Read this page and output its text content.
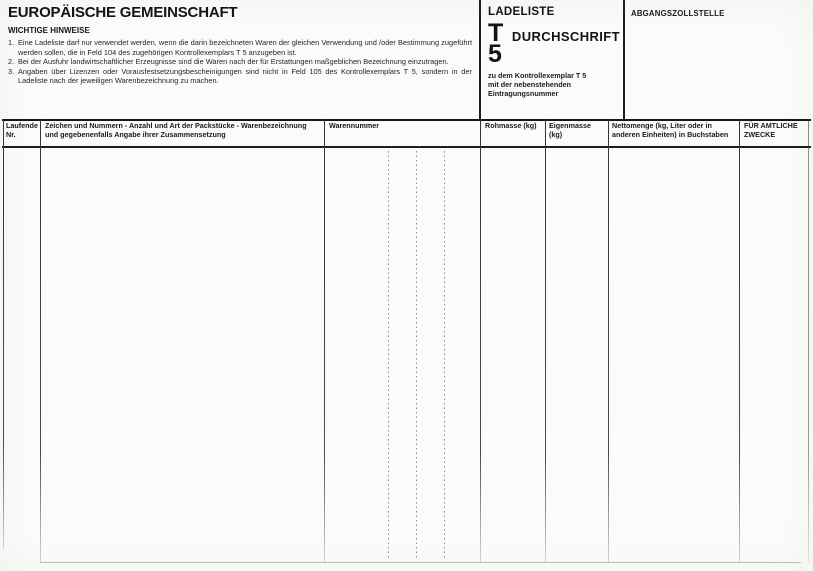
EUROPÄISCHE GEMEINSCHAFT
WICHTIGE HINWEISE
1. Eine Ladeliste darf nur verwendet werden, wenn die darin bezeichneten Waren der gleichen Verwendung und /oder Bestimmung zugeführt werden sollen, die in Feld 104 des zugehörigen Kontrollexemplars T 5 anzugeben ist.
2. Bei der Ausfuhr landwirtschaftlicher Erzeugnisse sind die Waren nach der für Erstattungen maßgeblichen Bezeichnung einzutragen.
3. Angaben über Lizenzen oder Vorausfestsetzungsbescheinigungen sind nicht in Feld 105 des Kontrollexemplars T 5, sondern in der Ladeliste nach der jeweiligen Warenbezeichnung zu machen.
LADELISTE
T 5
DURCHSCHRIFT
zu dem Kontrollexemplar T 5
mit der nebenstehenden
Eintragungsnummer
ABGANGSZOLLSTELLE
Laufende Nr.
Zeichen und Nummern - Anzahl und Art der Packstücke - Warenbezeichnung und gegebenenfalls Angabe ihrer Zusammensetzung
Warennummer	Rohmasse (kg)	Eigenmasse (kg)
Nettomenge (kg, Liter oder in anderen Einheiten) in Buchstaben
FÜR AMTLICHE ZWECKE
